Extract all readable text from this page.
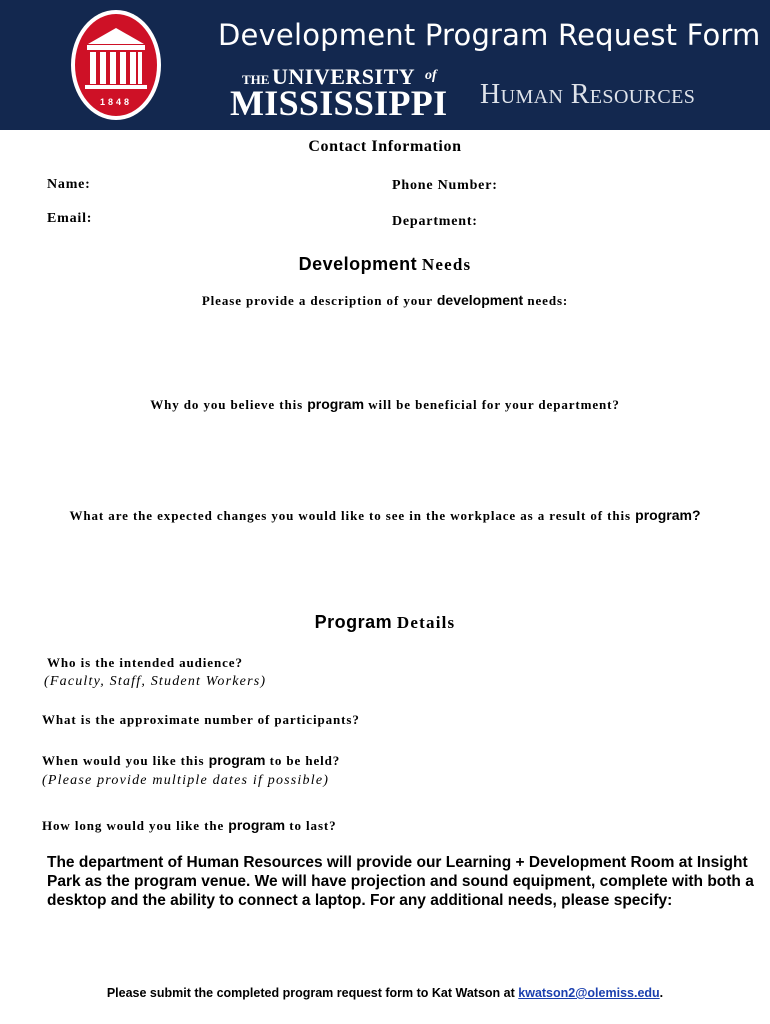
1848
Development Program Request Form
THE UNIVERSITY of
MISSISSIPPI Human Resources
Contact Information
Name:	Phone Number:
Email:	Department:
Development Needs
Please provide a description of your development needs:
Why do you believe this program will be beneficial for your department?
What are the expected changes you would like to see in the workplace as a result of this program?
Program Details
Who is the intended audience?
(Faculty, Staff, Student Workers)
What is the approximate number of participants?
When would you like this program to be held?
(Please provide multiple dates if possible)
How long would you like the program to last?
The department of Human Resources will provide our Learning + Development Room at Insight Park as the program venue. We will have projection and sound equipment, complete with both a desktop and the ability to connect a laptop. For any additional needs, please specify:
Please submit the completed program request form to Kat Watson at kwatson2@olemiss.edu.
